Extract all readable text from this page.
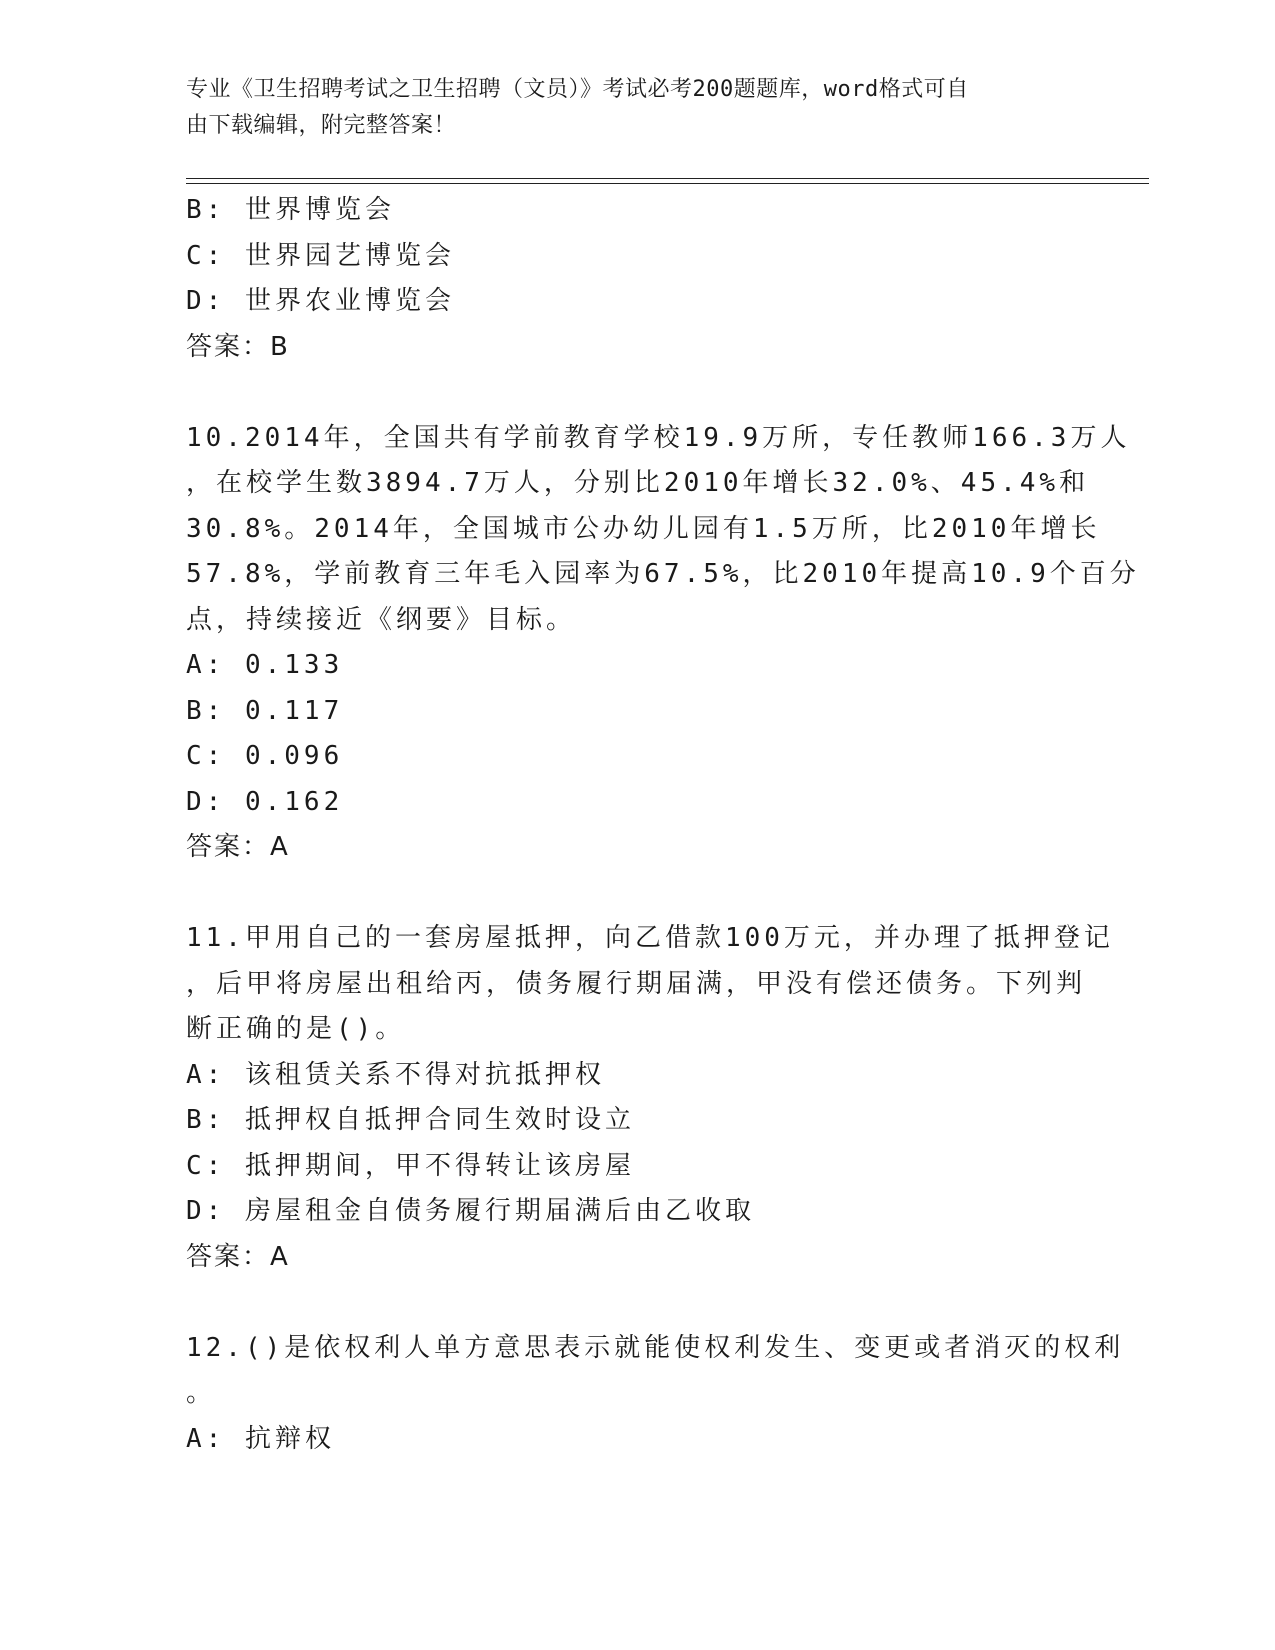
专业《卫生招聘考试之卫生招聘（文员）》考试必考200题题库，word格式可自
由下载编辑，附完整答案！
B: 世界博览会
C: 世界园艺博览会
D: 世界农业博览会
答案：B
10.2014年，全国共有学前教育学校19.9万所，专任教师166.3万人
，在校学生数3894.7万人，分别比2010年增长32.0%、45.4%和
30.8%。2014年，全国城市公办幼儿园有1.5万所，比2010年增长
57.8%，学前教育三年毛入园率为67.5%，比2010年提高10.9个百分
点，持续接近《纲要》目标。
A: 0.133
B: 0.117
C: 0.096
D: 0.162
答案：A
11.甲用自己的一套房屋抵押，向乙借款100万元，并办理了抵押登记
，后甲将房屋出租给丙，债务履行期届满，甲没有偿还债务。下列判
断正确的是()。
A: 该租赁关系不得对抗抵押权
B: 抵押权自抵押合同生效时设立
C: 抵押期间，甲不得转让该房屋
D: 房屋租金自债务履行期届满后由乙收取
答案：A
12.()是依权利人单方意思表示就能使权利发生、变更或者消灭的权利
。
A: 抗辩权
